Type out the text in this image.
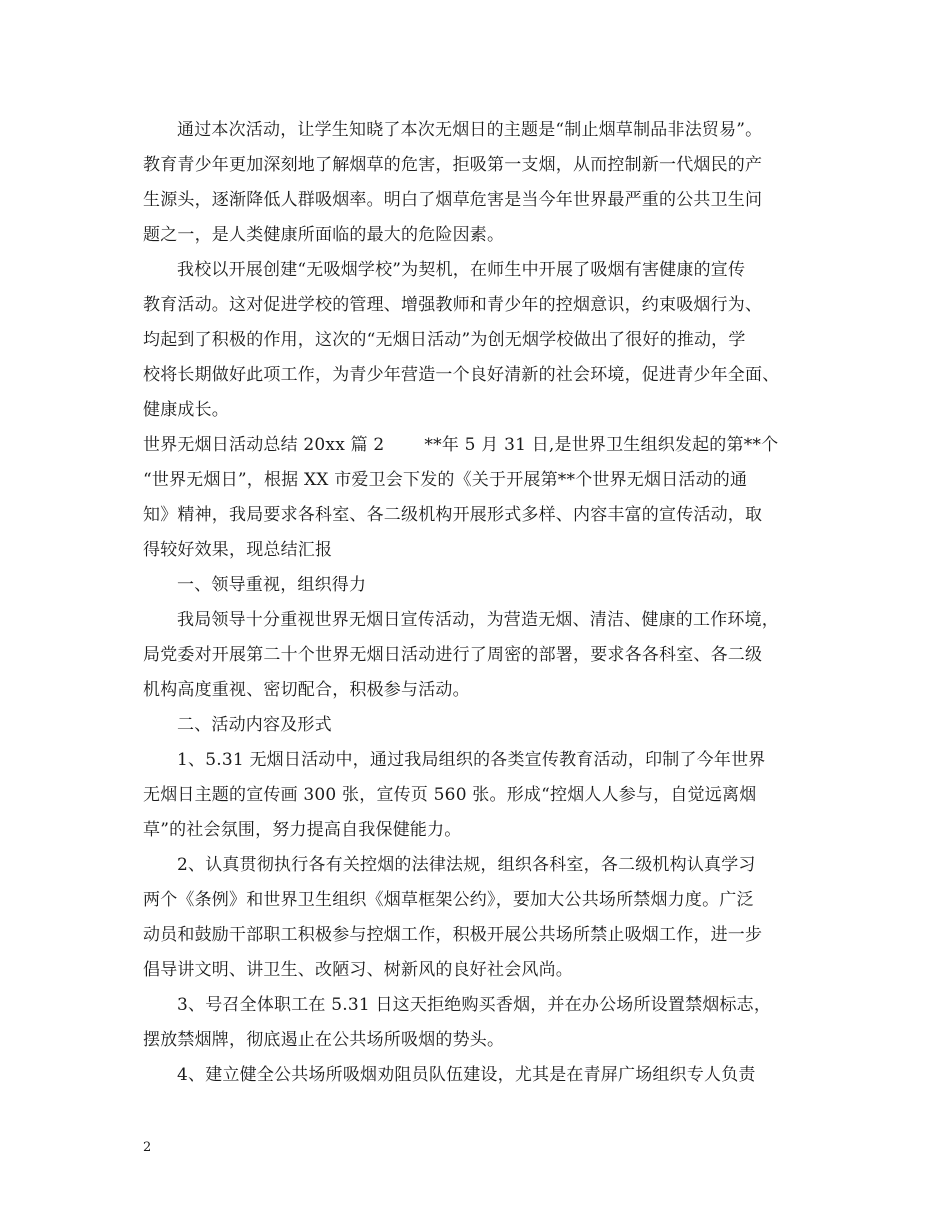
通过本次活动，让学生知晓了本次无烟日的主题是“制止烟草制品非法贸易”。
教育青少年更加深刻地了解烟草的危害，拒吸第一支烟，从而控制新一代烟民的产
生源头，逐渐降低人群吸烟率。明白了烟草危害是当今年世界最严重的公共卫生问
题之一，是人类健康所面临的最大的危险因素。
我校以开展创建“无吸烟学校”为契机，在师生中开展了吸烟有害健康的宣传
教育活动。这对促进学校的管理、增强教师和青少年的控烟意识，约束吸烟行为、
均起到了积极的作用，这次的“无烟日活动”为创无烟学校做出了很好的推动，学
校将长期做好此项工作，为青少年营造一个良好清新的社会环境，促进青少年全面、
健康成长。
世界无烟日活动总结 20xx 篇 2　　 **年 5 月 31 日,是世界卫生组织发起的第**个
“世界无烟日”，根据 XX 市爱卫会下发的《关于开展第**个世界无烟日活动的通
知》精神，我局要求各科室、各二级机构开展形式多样、内容丰富的宣传活动，取
得较好效果，现总结汇报
一、领导重视，组织得力
我局领导十分重视世界无烟日宣传活动，为营造无烟、清洁、健康的工作环境，
局党委对开展第二十个世界无烟日活动进行了周密的部署，要求各各科室、各二级
机构高度重视、密切配合，积极参与活动。
二、活动内容及形式
1、5.31 无烟日活动中，通过我局组织的各类宣传教育活动，印制了今年世界
无烟日主题的宣传画 300 张，宣传页 560 张。形成“控烟人人参与，自觉远离烟
草”的社会氛围，努力提高自我保健能力。
2、认真贯彻执行各有关控烟的法律法规，组织各科室，各二级机构认真学习
两个《条例》和世界卫生组织《烟草框架公约》，要加大公共场所禁烟力度。广泛
动员和鼓励干部职工积极参与控烟工作，积极开展公共场所禁止吸烟工作，进一步
倡导讲文明、讲卫生、改陋习、树新风的良好社会风尚。
3、号召全体职工在 5.31 日这天拒绝购买香烟，并在办公场所设置禁烟标志，
摆放禁烟牌，彻底遏止在公共场所吸烟的势头。
4、建立健全公共场所吸烟劝阻员队伍建设，尤其是在青屏广场组织专人负责
2
